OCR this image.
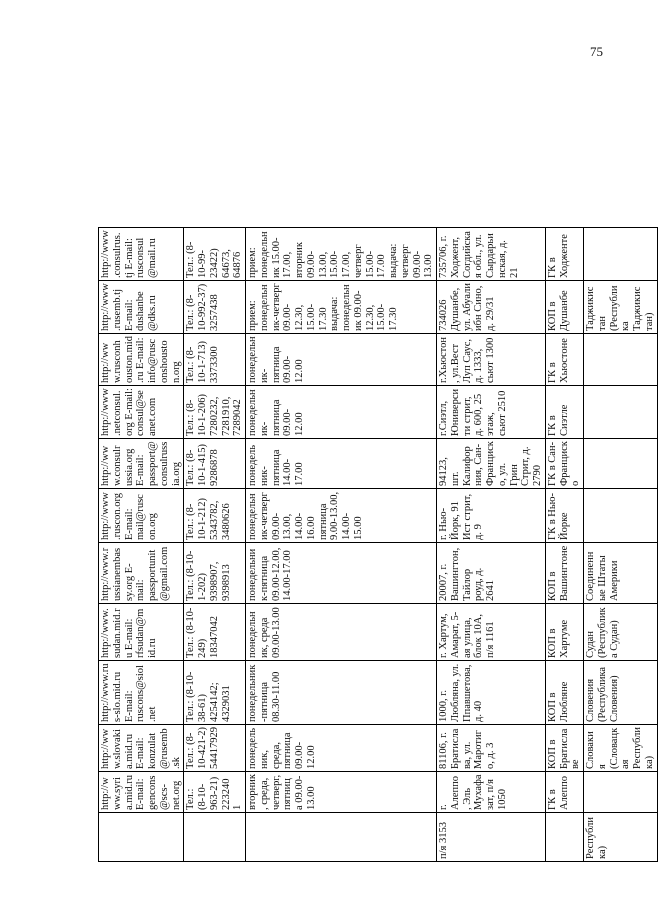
75
	http://www.syria.mid.ru E-mail: gencons@scs-net.org	http://www.slovakia.mid.ru E-mail: konzulat@rusemb.sk	http://www.rus-slo.mid.ru E-mail: ruscons@siol.net	http://www.sudan.mid.ru E-mail: rfsudan@mid.ru	http://www.russianembassy.org E-mail: passportunit@gmail.com	http://www.ruscon.org E-mail: mail@ruscon.org	http://www.consulrussia.org E-mail: passport@consulrussia.org	http://www.netconsul.org E-mail: consul@seanet.com	http://www.rusconhouston.mid.ru E-mail: info@rusconshouston.org	http://www.rusemb.tj E-mail: dushanbe@dks.ru	http://www.consulrus.tj E-mail: rusconsul@mail.ru
	Тел.: (8-10-963-21) 2232401	Тел.: (8-10-421-2) 54417929	Тел.: (8-10-38-61) 4254142; 4329031	Тел.: (8-10-249) 18347042	Тел.: (8-10-1-202) 9398907, 9398913	Тел.: (8-10-1-212) 5343782, 3480626	Тел.: (8-10-1-415) 9286878	Тел.: (8-10-1-206) 7280232, 7281910, 7289042	Тел.: (8-10-1-713) 3373300	Тел.: (8-10-992-37) 3257438	Тел.: (8-10-99-23422) 64673, 64876
	вторник, среда, четверг, пятница 09.00-13.00	понедельник, среда, пятница 09.00-12.00	понедельник-пятница 08.30-11.00	понедельник, среда 09.00-13.00	понедельник-пятница 09.00-12.00, 14.00-17.00	понедельник-четверг 09.00-13.00, 14.00-16.00 пятница 9.00-13.00, 14.00-15.00	понедельник-пятница 14.00-17.00	понедельник-пятница 09.00-12.00	понедельник-пятница 09.00-12.00	прием: понедельник-четверг 09.00-12.30, 15.00-17.30 выдача: понедельник 09.00-12.30, 15.00-17.30	прием: понедельник 15.00-17.00, вторник 09.00-13.00, 15.00-17.00, четверг 15.00-17.00 выдача: четверг 09.00-13.00
п/я 3153	г. Алеппо, Эль Мухафазат, п/я 1050	81106, г. Братислава, ул. Маротиго, д. 3	1000, г. Любляна, ул. Ппавшетова, д. 40	г. Хартум, Амарат, 5-ая улица, блок 10А, п/я 1161	20007, г. Вашингтон, Тайлор роуд, д. 2641	г. Нью-Йорк, 91 Ист стрит, д. 9	94123, шт. Калифорния, Сан-Франциско, ул. Грин Стрит, д. 2790	г.Сиэтл, Юниверсити стрит, д. 600, 25 этаж, сьют 2510	г.Хьюстон, ул.Вест Луп Саус, д. 1333, сьют 1300	734026 Душанбе, ул. Абуали ибн Сино, д. 29/31	735706, г. Ходжент, Согдийская обл., ул. Сырдарьинская, д. 21
	ГК в Алеппо	КОП в Братиславе	КОП в Любляне	КОП в Хартуме	КОП в Вашингтоне	ГК в Нью-Йорке	ГК в Сан-Франциско	ГК в Сиэтле	ГК в Хьюстоне	КОП в Душанбе	ГК в Ходженте
Республика)		Словакия (Словацкая Республика)	Словения (Республика Словения)	Судан (Республика Судан)	Соединенные Штаты Америки					Таджикистан (Республика Таджикистан)	
